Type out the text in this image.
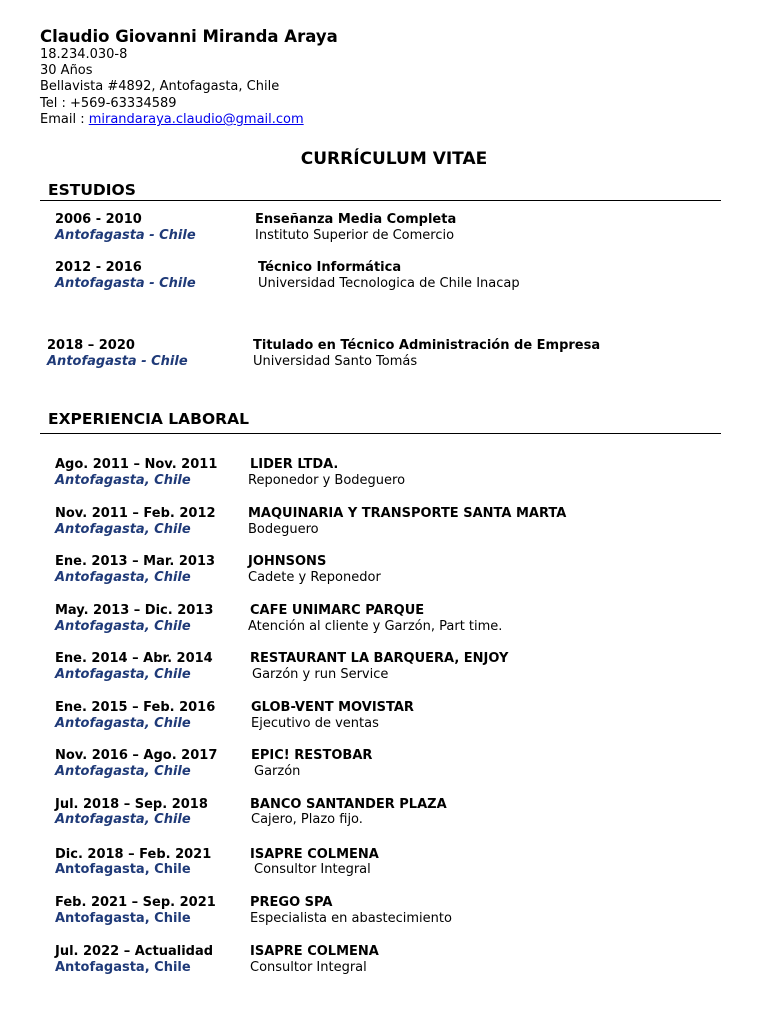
Claudio Giovanni Miranda Araya
18.234.030-8
30 Años
Bellavista #4892, Antofagasta, Chile
Tel : +569-63334589
Email : mirandaraya.claudio@gmail.com
CURRÍCULUM VITAE
ESTUDIOS
2006 - 2010
Antofagasta - Chile
Enseñanza Media Completa
Instituto Superior de Comercio
2012 - 2016
Antofagasta - Chile
Técnico Informática
Universidad Tecnologica de Chile Inacap
2018 – 2020
Antofagasta - Chile
Titulado en Técnico Administración de Empresa
Universidad Santo Tomás
EXPERIENCIA LABORAL
Ago. 2011 – Nov. 2011
Antofagasta, Chile
LIDER LTDA.
Reponedor y Bodeguero
Nov. 2011 – Feb. 2012
Antofagasta, Chile
MAQUINARIA Y TRANSPORTE SANTA MARTA
Bodeguero
Ene. 2013 – Mar. 2013
Antofagasta, Chile
JOHNSONS
Cadete y Reponedor
May. 2013 – Dic. 2013
Antofagasta, Chile
CAFE UNIMARC PARQUE
Atención al cliente y Garzón, Part time.
Ene. 2014 – Abr. 2014
Antofagasta, Chile
RESTAURANT LA BARQUERA, ENJOY
Garzón y run Service
Ene. 2015 – Feb. 2016
Antofagasta, Chile
GLOB-VENT MOVISTAR
Ejecutivo de ventas
Nov. 2016 – Ago. 2017
Antofagasta, Chile
EPIC! RESTOBAR
Garzón
Jul. 2018 – Sep. 2018
Antofagasta, Chile
BANCO SANTANDER PLAZA
Cajero, Plazo fijo.
Dic. 2018 – Feb. 2021
Antofagasta, Chile
ISAPRE COLMENA
Consultor Integral
Feb. 2021 – Sep. 2021
Antofagasta, Chile
PREGO SPA
Especialista en abastecimiento
Jul. 2022 – Actualidad
Antofagasta, Chile
ISAPRE COLMENA
Consultor Integral
